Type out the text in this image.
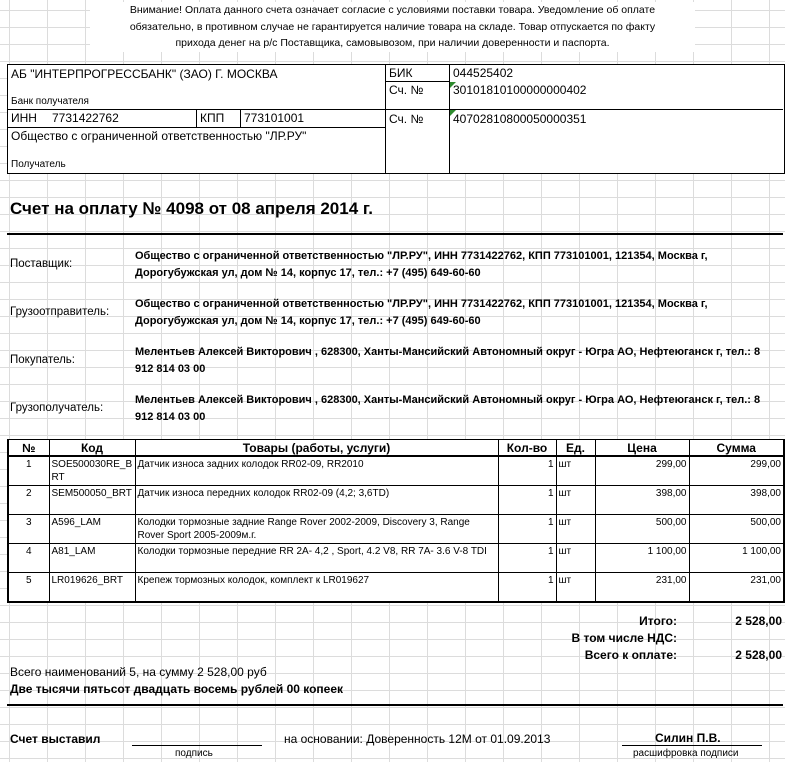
Внимание! Оплата данного счета означает согласие с условиями поставки товара. Уведомление об оплате
обязательно, в противном случае не гарантируется наличие товара на складе. Товар отпускается по факту
прихода денег на р/с Поставщика, самовывозом, при наличии доверенности и паспорта.
АБ "ИНТЕРПРОГРЕССБАНК" (ЗАО) Г. МОСКВА
Банк получателя
БИК	044525402
Сч. № 30101810100000000402
ИНН 7731422762	КПП 773101001	Сч. № 40702810800050000351
Общество с ограниченной ответственностью "ЛР.РУ"
Получатель
Счет на оплату № 4098 от 08 апреля 2014 г.
Поставщик:
Общество с ограниченной ответственностью "ЛР.РУ", ИНН 7731422762, КПП 773101001, 121354, Москва г, Дорогубужская ул, дом № 14, корпус 17, тел.: +7 (495) 649-60-60
Грузоотправитель:
Общество с ограниченной ответственностью "ЛР.РУ", ИНН 7731422762, КПП 773101001, 121354, Москва г, Дорогубужская ул, дом № 14, корпус 17, тел.: +7 (495) 649-60-60
Покупатель:
Мелентьев Алексей Викторович , 628300, Ханты-Мансийский Автономный округ - Югра АО, Нефтеюганск г, тел.: 8 912 814 03 00
Грузополучатель:
Мелентьев Алексей Викторович , 628300, Ханты-Мансийский Автономный округ - Югра АО, Нефтеюганск г, тел.: 8 912 814 03 00
№	Код	Товары (работы, услуги)	Кол-во	Ед.	Цена	Сумма
1	SOE500030RE_BRT	Датчик износа задних колодок RR02-09, RR2010	1	шт	299,00	299,00
2	SEM500050_BRT	Датчик износа передних колодок RR02-09 (4,2; 3,6TD)	1	шт	398,00	398,00
3	A596_LAM	Колодки тормозные задние Range Rover 2002-2009, Discovery 3, Range Rover Sport 2005-2009м.г.	1	шт	500,00	500,00
4	A81_LAM	Колодки тормозные передние RR 2A- 4,2 , Sport, 4.2 V8, RR 7A- 3.6 V-8 TDI	1	шт	1 100,00	1 100,00
5	LR019626_BRT	Крепеж тормозных колодок, комплект к LR019627	1	шт	231,00	231,00
Итого:	2 528,00
В том числе НДС:
Всего к оплате:	2 528,00
Всего наименований 5, на сумму 2 528,00 руб
Две тысячи пятьсот двадцать восемь рублей 00 копеек
Счет выставил
подпись
на основании: Доверенность 12М от 01.09.2013	Силин П.В.
расшифровка подписи
